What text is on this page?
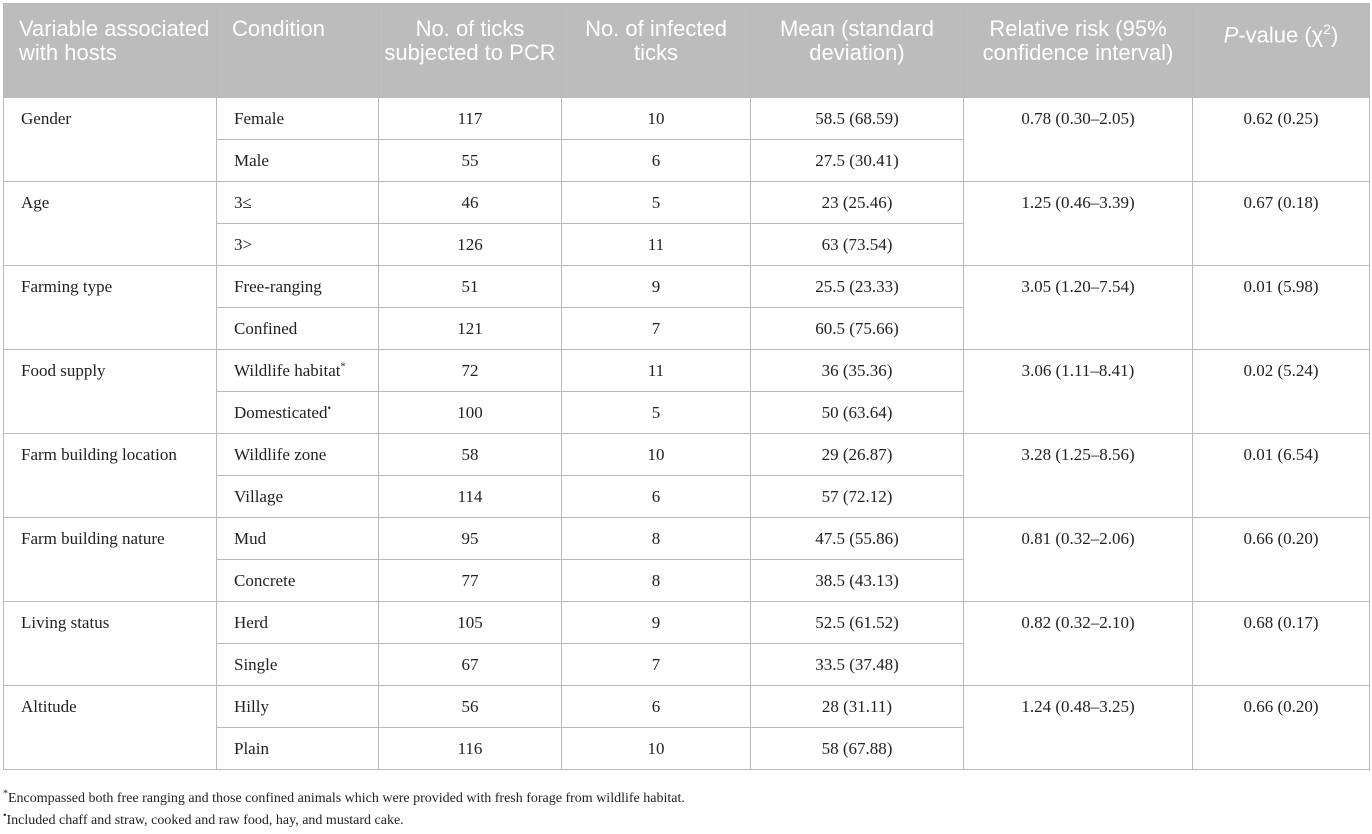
Variable associated with hosts	Condition	No. of ticks subjected to PCR	No. of infected ticks	Mean (standard deviation)	Relative risk (95% confidence interval)	P-value $(\chi^2)$
Gender	Female	117	10	58.5 (68.59)	0.78 (0.30–2.05)	0.62 (0.25)
	Male	55	6	27.5 (30.41)		
Age	3≤	46	5	23 (25.46)	1.25 (0.46–3.39)	0.67 (0.18)
	3>	126	11	63 (73.54)		
Farming type	Free-ranging	51	9	25.5 (23.33)	3.05 (1.20–7.54)	0.01 (5.98)
	Confined	121	7	60.5 (75.66)		
Food supply	Wildlife habitat*	72	11	36 (35.36)	3.06 (1.11–8.41)	0.02 (5.24)
	Domesticated•	100	5	50 (63.64)		
Farm building location	Wildlife zone	58	10	29 (26.87)	3.28 (1.25–8.56)	0.01 (6.54)
	Village	114	6	57 (72.12)		
Farm building nature	Mud	95	8	47.5 (55.86)	0.81 (0.32–2.06)	0.66 (0.20)
	Concrete	77	8	38.5 (43.13)		
Living status	Herd	105	9	52.5 (61.52)	0.82 (0.32–2.10)	0.68 (0.17)
	Single	67	7	33.5 (37.48)		
Altitude	Hilly	56	6	28 (31.11)	1.24 (0.48–3.25)	0.66 (0.20)
	Plain	116	10	58 (67.88)		
*Encompassed both free ranging and those confined animals which were provided with fresh forage from wildlife habitat.
•Included chaff and straw, cooked and raw food, hay, and mustard cake.
